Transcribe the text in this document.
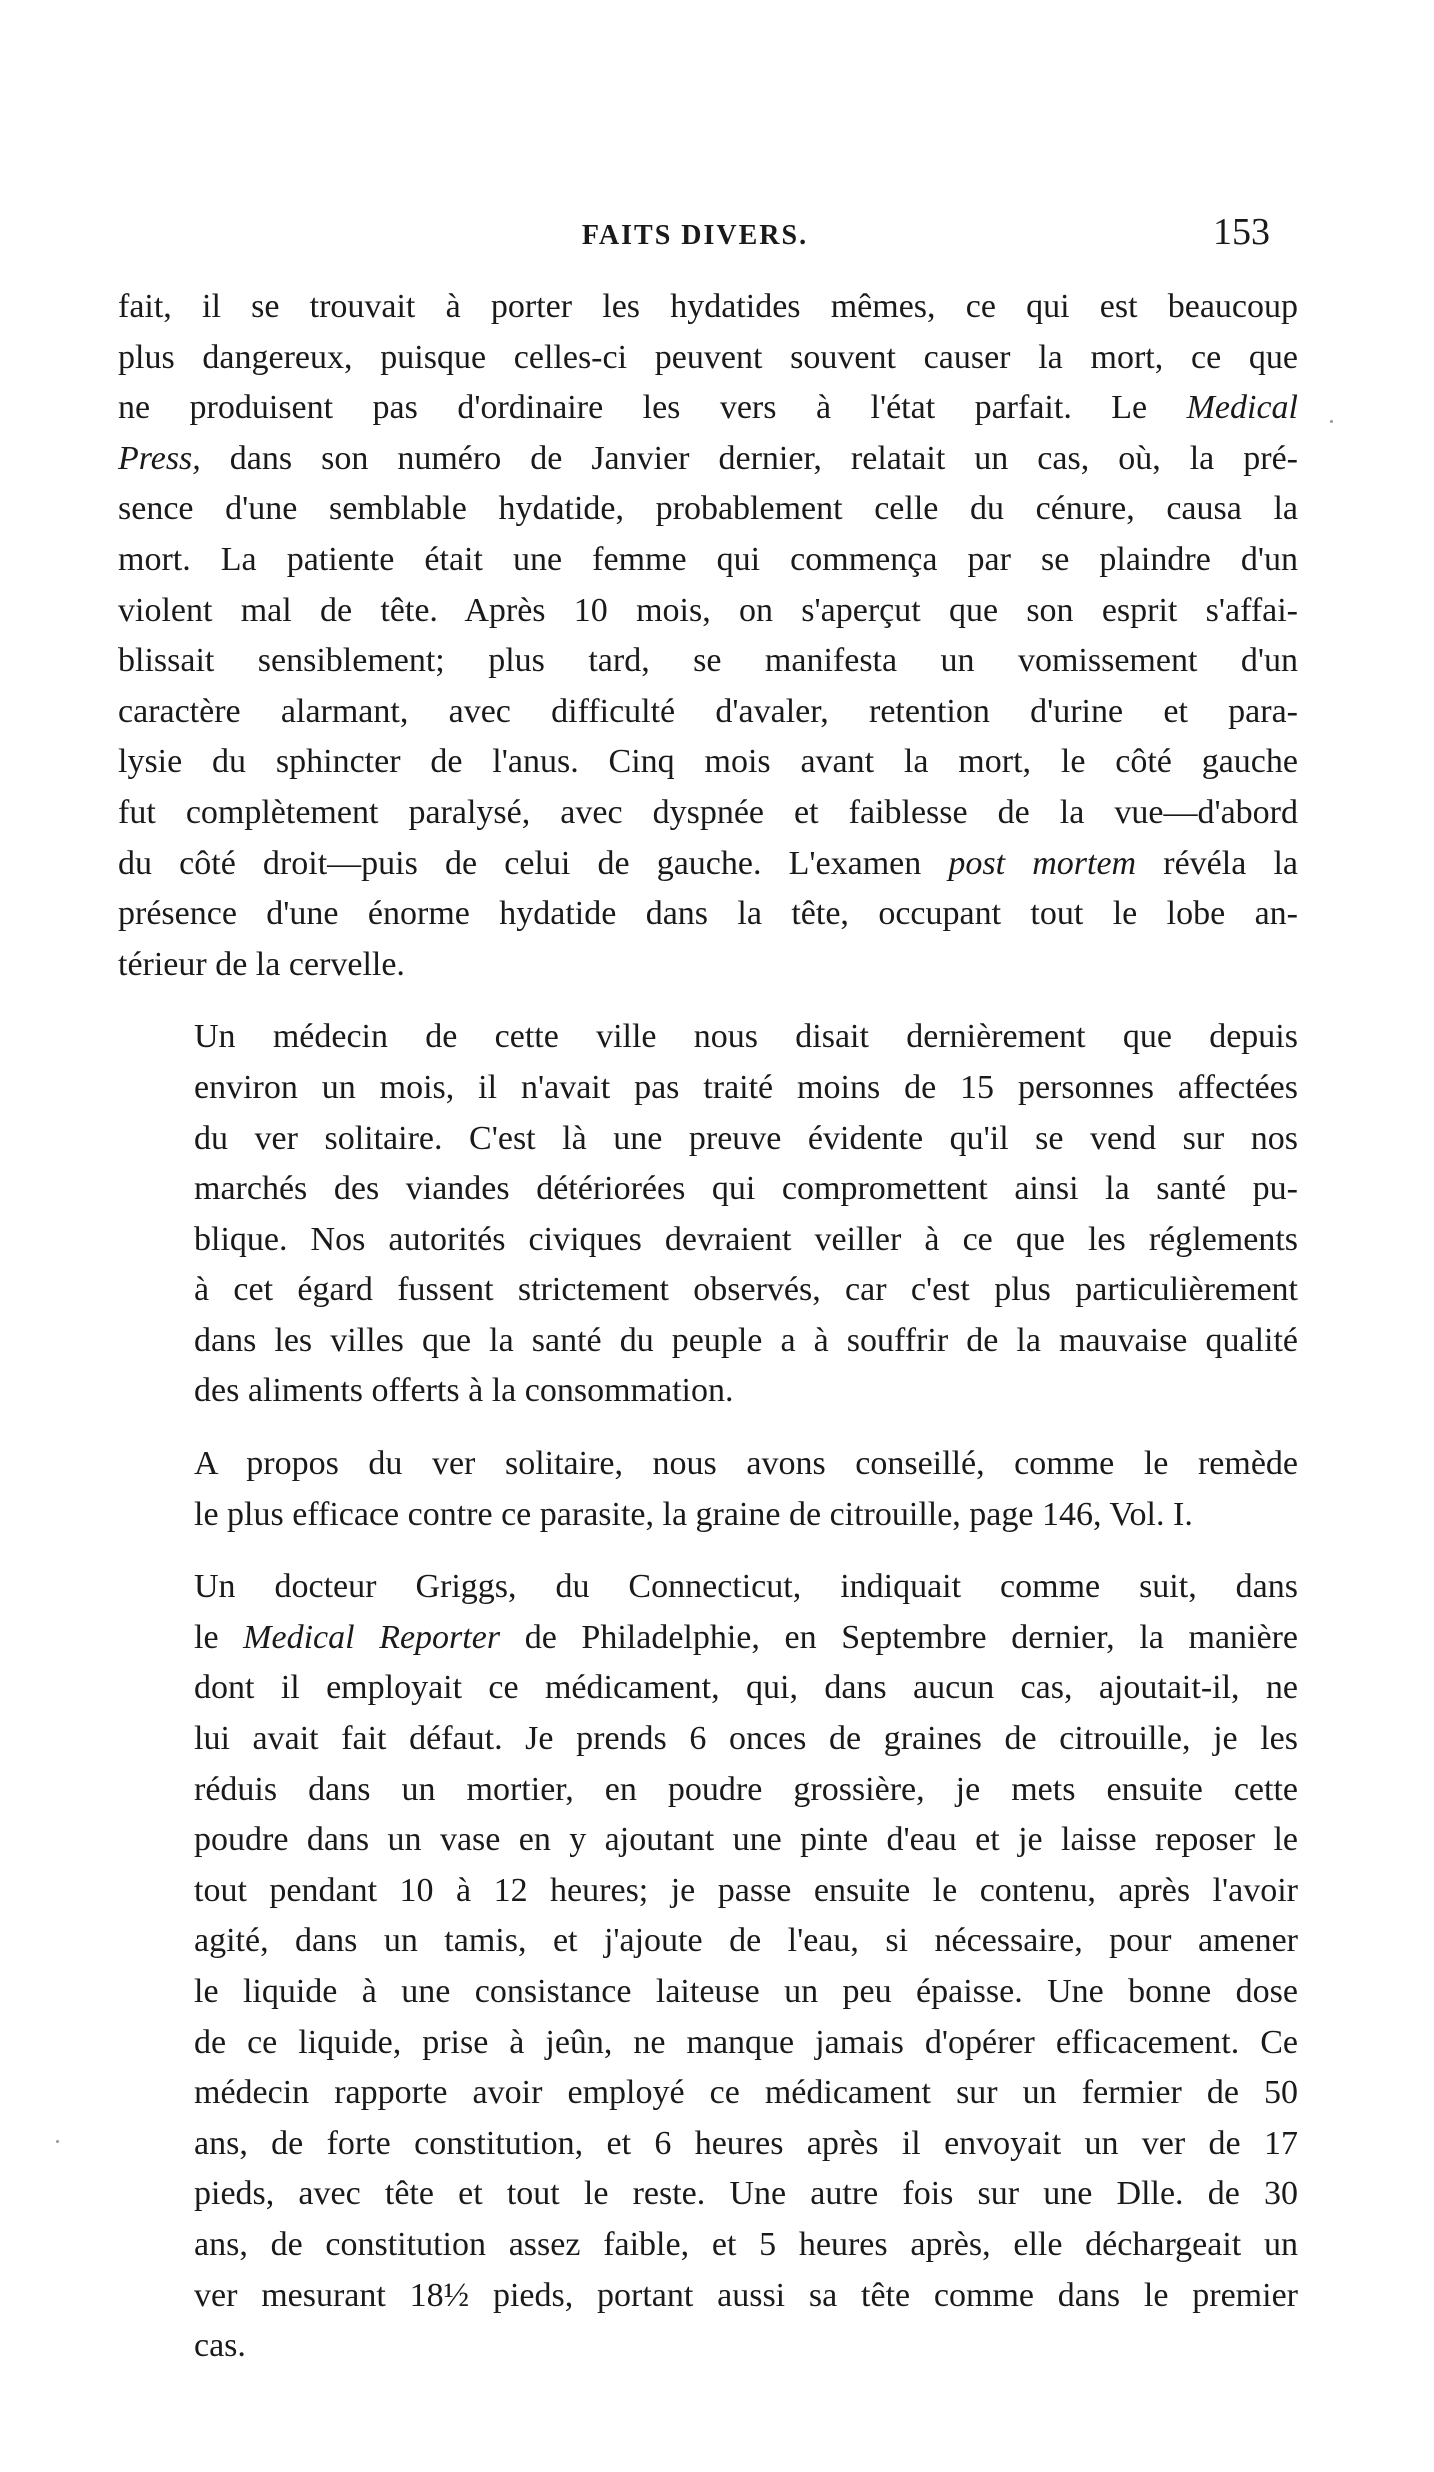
FAITS DIVERS.	153

fait, il se trouvait à porter les hydatides mêmes, ce qui est beaucoup
plus dangereux, puisque celles-ci peuvent souvent causer la mort, ce que
ne produisent pas d'ordinaire les vers à l'état parfait. Le Medical
Press, dans son numéro de Janvier dernier, relatait un cas, où, la pré-
sence d'une semblable hydatide, probablement celle du cénure, causa la
mort. La patiente était une femme qui commença par se plaindre d'un
violent mal de tête. Après 10 mois, on s'aperçut que son esprit s'affai-
blissait sensiblement; plus tard, se manifesta un vomissement d'un
caractère alarmant, avec difficulté d'avaler, retention d'urine et para-
lysie du sphincter de l'anus. Cinq mois avant la mort, le côté gauche
fut complètement paralysé, avec dyspnée et faiblesse de la vue—d'abord
du côté droit—puis de celui de gauche. L'examen post mortem révéla la
présence d'une énorme hydatide dans la tête, occupant tout le lobe an-
térieur de la cervelle.

Un médecin de cette ville nous disait dernièrement que depuis
environ un mois, il n'avait pas traité moins de 15 personnes affectées
du ver solitaire. C'est là une preuve évidente qu'il se vend sur nos
marchés des viandes détériorées qui compromettent ainsi la santé pu-
blique. Nos autorités civiques devraient veiller à ce que les réglements
à cet égard fussent strictement observés, car c'est plus particulièrement
dans les villes que la santé du peuple a à souffrir de la mauvaise qualité
des aliments offerts à la consommation.

A propos du ver solitaire, nous avons conseillé, comme le remède
le plus efficace contre ce parasite, la graine de citrouille, page 146, Vol. I.

Un docteur Griggs, du Connecticut, indiquait comme suit, dans
le Medical Reporter de Philadelphie, en Septembre dernier, la manière
dont il employait ce médicament, qui, dans aucun cas, ajoutait-il, ne
lui avait fait défaut. Je prends 6 onces de graines de citrouille, je les
réduis dans un mortier, en poudre grossière, je mets ensuite cette
poudre dans un vase en y ajoutant une pinte d'eau et je laisse reposer le
tout pendant 10 à 12 heures; je passe ensuite le contenu, après l'avoir
agité, dans un tamis, et j'ajoute de l'eau, si nécessaire, pour amener
le liquide à une consistance laiteuse un peu épaisse. Une bonne dose
de ce liquide, prise à jeûn, ne manque jamais d'opérer efficacement. Ce
médecin rapporte avoir employé ce médicament sur un fermier de 50
ans, de forte constitution, et 6 heures après il envoyait un ver de 17
pieds, avec tête et tout le reste. Une autre fois sur une Dlle. de 30
ans, de constitution assez faible, et 5 heures après, elle déchargeait un
ver mesurant 18½ pieds, portant aussi sa tête comme dans le premier
cas.
